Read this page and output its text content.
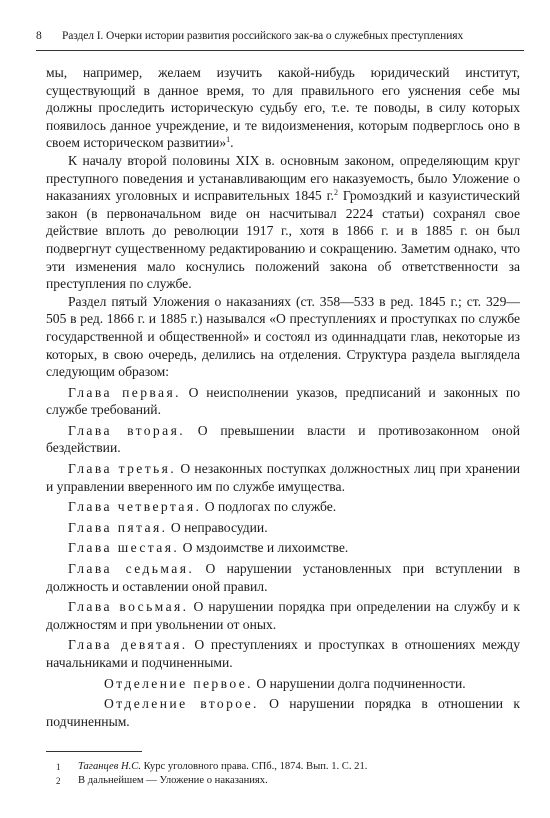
8 Раздел I. Очерки истории развития российского зак-ва о служебных преступлениях

мы, например, желаем изучить какой-нибудь юридический институт, существующий в данное время, то для правильного его уяснения себе мы должны проследить историческую судьбу его, т.е. те поводы, в силу которых появилось данное учреждение, и те видоизменения, которым подверглось оно в своем историческом развитии»$^1$.

К началу второй половины XIX в. основным законом, определяющим круг преступного поведения и устанавливающим его наказуемость, было Уложение о наказаниях уголовных и исправительных 1845 г.$^2$ Громоздкий и казуистический закон (в первоначальном виде он насчитывал 2224 статьи) сохранял свое действие вплоть до революции 1917 г., хотя в 1866 г. и в 1885 г. он был подвергнут существенному редактированию и сокращению. Заметим однако, что эти изменения мало коснулись положений закона об ответственности за преступления по службе.

Раздел пятый Уложения о наказаниях (ст. 358—533 в ред. 1845 г.; ст. 329—505 в ред. 1866 г. и 1885 г.) назывался «О преступлениях и проступках по службе государственной и общественной» и состоял из одиннадцати глав, некоторые из которых, в свою очередь, делились на отделения. Структура раздела выглядела следующим образом:

Глава первая. О неисполнении указов, предписаний и законных по службе требований.

Глава вторая. О превышении власти и противозаконном оной бездействии.

Глава третья. О незаконных поступках должностных лиц при хранении и управлении вверенного им по службе имущества.

Глава четвертая. О подлогах по службе.

Глава пятая. О неправосудии.

Глава шестая. О мздоимстве и лихоимстве.

Глава седьмая. О нарушении установленных при вступлении в должность и оставлении оной правил.

Глава восьмая. О нарушении порядка при определении на службу и к должностям и при увольнении от оных.

Глава девятая. О преступлениях и проступках в отношениях между начальниками и подчиненными.

Отделение первое. О нарушении долга подчиненности.

Отделение второе. О нарушении порядка в отношении к подчиненным.

1	Таганцев Н.С. Курс уголовного права. СПб., 1874. Вып. 1. С. 21.
2	В дальнейшем — Уложение о наказаниях.
